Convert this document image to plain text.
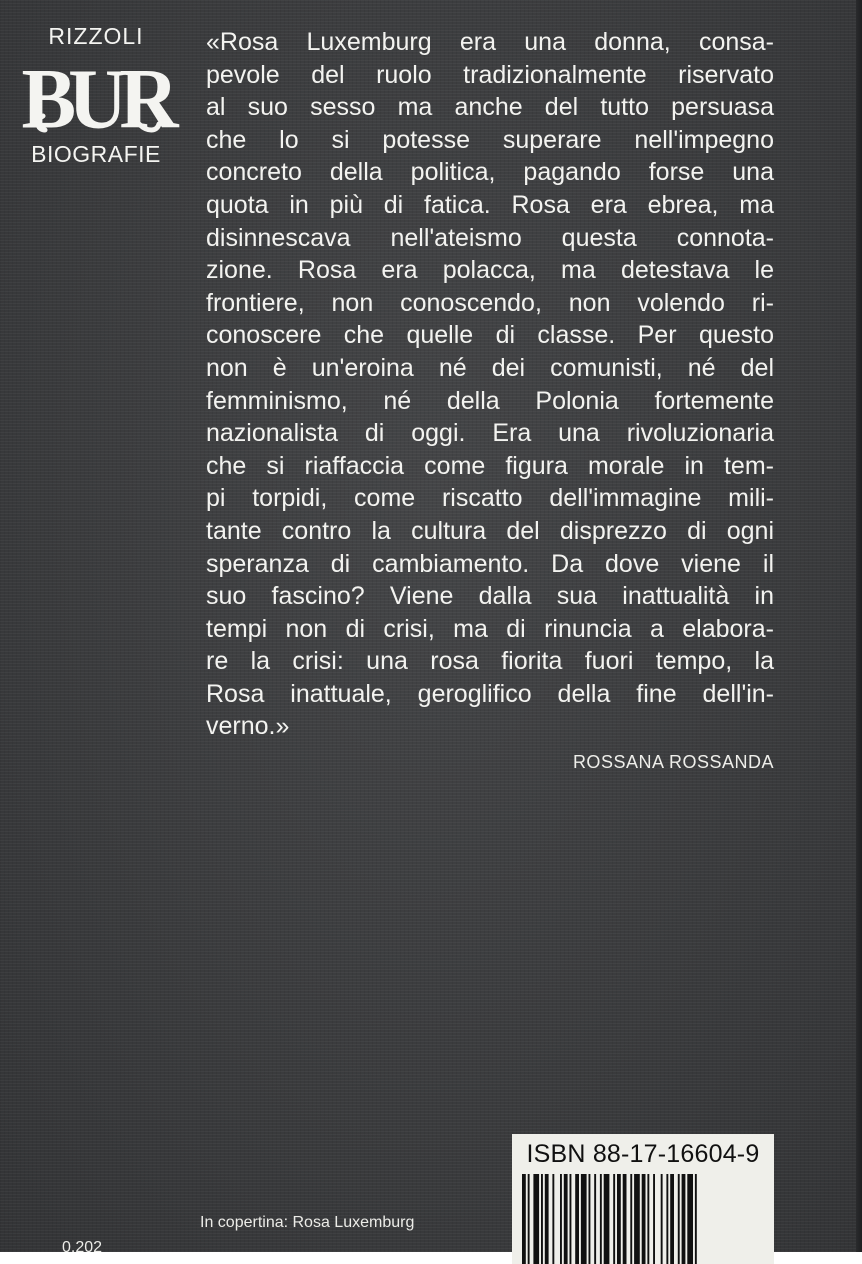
RIZZOLI

BUR

BIOGRAFIE

«Rosa Luxemburg era una donna, consa-
pevole del ruolo tradizionalmente riservato
al suo sesso ma anche del tutto persuasa
che lo si potesse superare nell'impegno
concreto della politica, pagando forse una
quota in più di fatica. Rosa era ebrea, ma
disinnescava nell'ateismo questa connota-
zione. Rosa era polacca, ma detestava le
frontiere, non conoscendo, non volendo ri-
conoscere che quelle di classe. Per questo
non è un'eroina né dei comunisti, né del
femminismo, né della Polonia fortemente
nazionalista di oggi. Era una rivoluzionaria
che si riaffaccia come figura morale in tem-
pi torpidi, come riscatto dell'immagine mili-
tante contro la cultura del disprezzo di ogni
speranza di cambiamento. Da dove viene il
suo fascino? Viene dalla sua inattualità in
tempi non di crisi, ma di rinuncia a elabora-
re la crisi: una rosa fiorita fuori tempo, la
Rosa inattuale, geroglifico della fine dell'in-
verno.»
ROSSANA ROSSANDA
In copertina: Rosa Luxemburg
0.202
ISBN 88-17-16604-9
